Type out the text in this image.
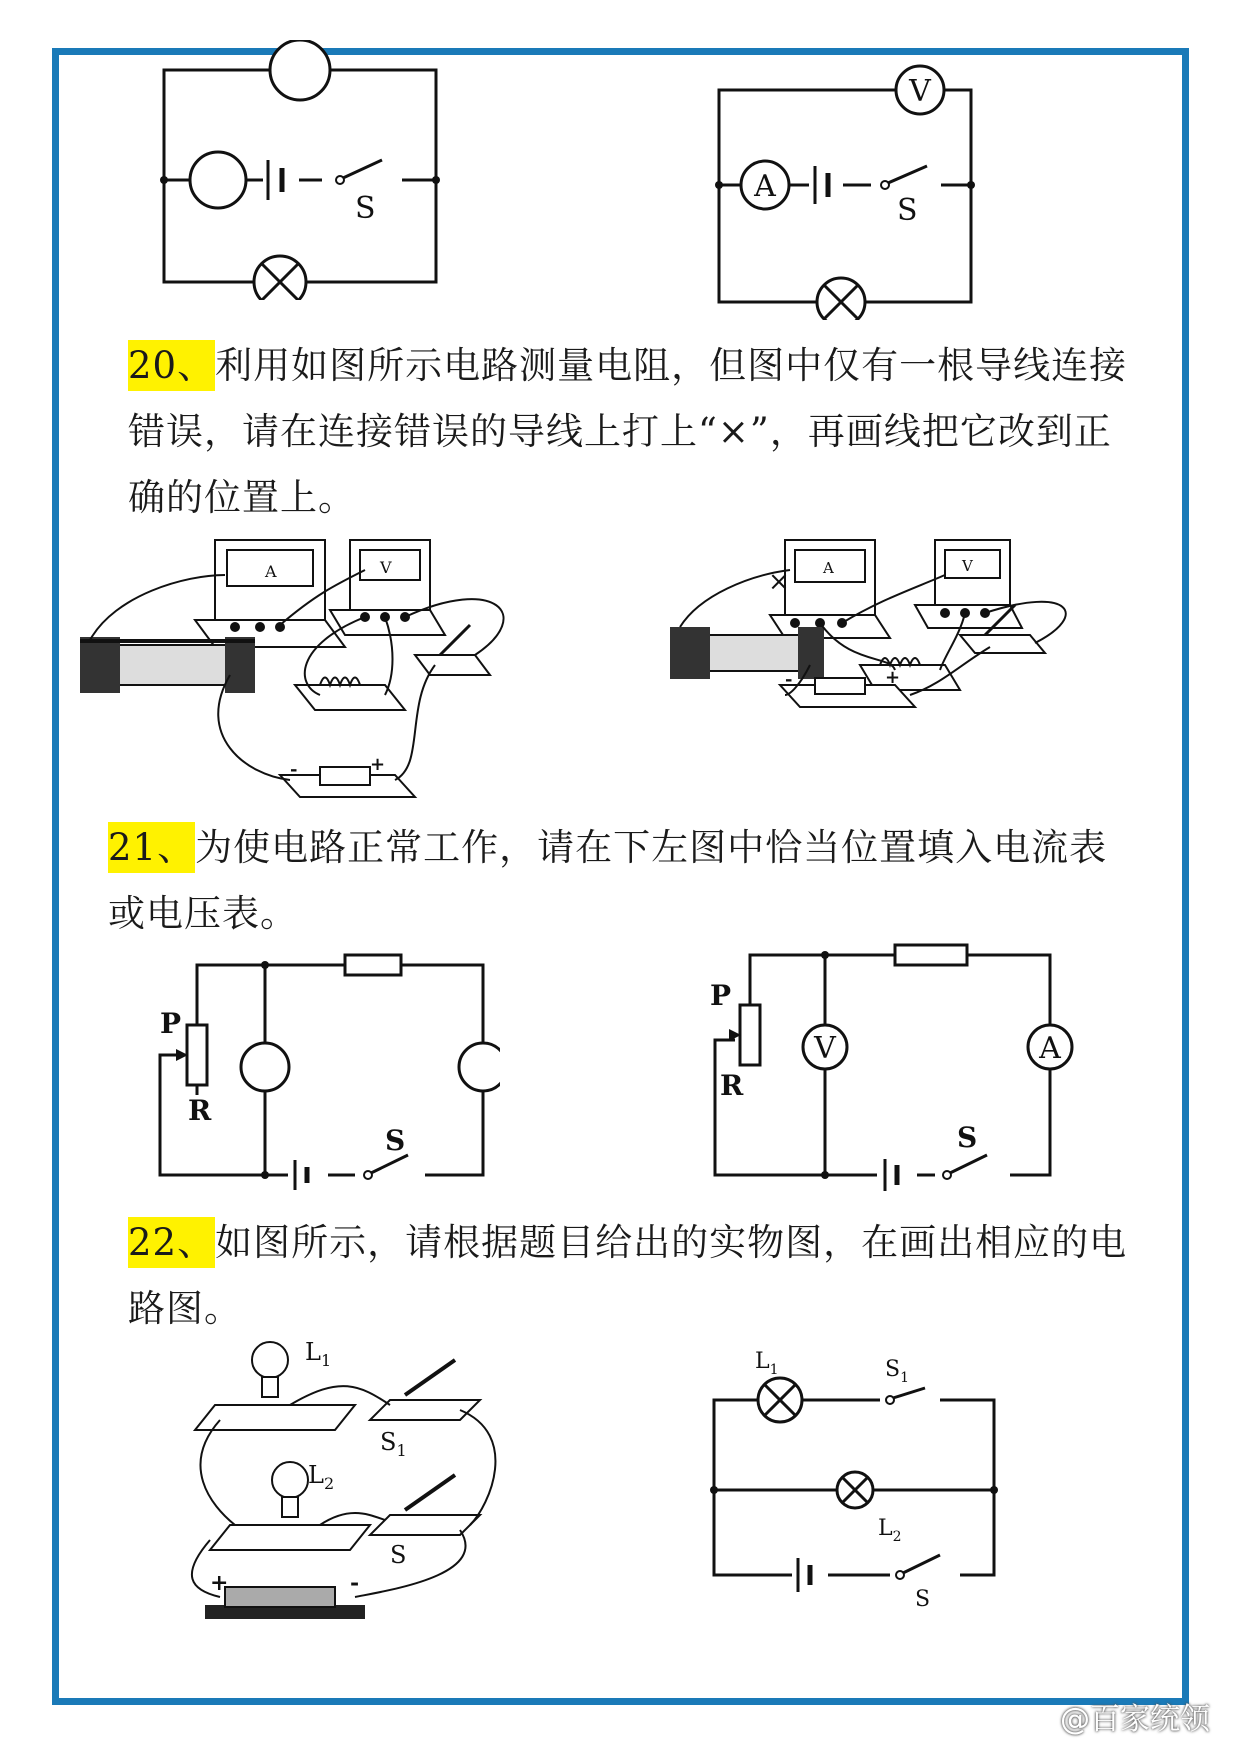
S
V
A
S

20、利用如图所示电路测量电阻，但图中仅有一根导线连接错误，请在连接错误的导线上打上“×”，再画线把它改到正确的位置上。

A	V
-	+
A	V
-	+
×

21、为使电路正常工作，请在下左图中恰当位置填入电流表或电压表。

P
R
S
P
R
V	A
S

22、如图所示，请根据题目给出的实物图，在画出相应的电路图。

$L_1$
$S_1$
$L_2$
S
+	-
$L_1$	$S_1$
$L_2$
S
@百家统领
